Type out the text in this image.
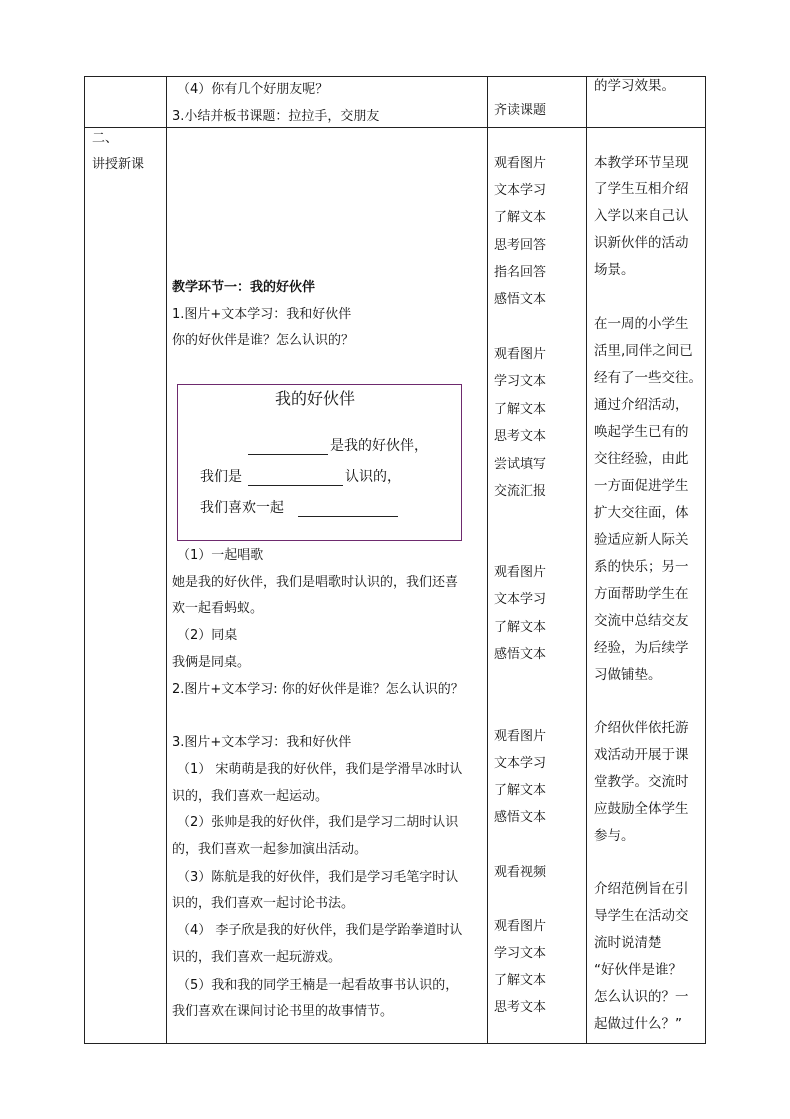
（4）你有几个好朋友呢？
3.小结并板书课题：拉拉手，交朋友	齐读课题
的学习效果。
二、
讲授新课
教学环节一：我的好伙伴
1.图片+文本学习：我和好伙伴
你的好伙伴是谁？怎么认识的？
我的好伙伴
是我的好伙伴，
我们是	认识的，
我们喜欢一起
（1）一起唱歌
她是我的好伙伴，我们是唱歌时认识的，我们还喜
欢一起看蚂蚁。
（2）同桌
我俩是同桌。
2.图片+文本学习: 你的好伙伴是谁？怎么认识的？
3.图片+文本学习：我和好伙伴
（1） 宋萌萌是我的好伙伴，我们是学滑旱冰时认
识的，我们喜欢一起运动。
（2）张帅是我的好伙伴，我们是学习二胡时认识
的，我们喜欢一起参加演出活动。
（3）陈航是我的好伙伴，我们是学习毛笔字时认
识的，我们喜欢一起讨论书法。
（4） 李子欣是我的好伙伴，我们是学跆拳道时认
识的，我们喜欢一起玩游戏。
（5）我和我的同学王楠是一起看故事书认识的，
我们喜欢在课间讨论书里的故事情节。
观看图片
文本学习
了解文本
思考回答
指名回答
感悟文本
观看图片
学习文本
了解文本
思考文本
尝试填写
交流汇报
观看图片
文本学习
了解文本
感悟文本
观看图片
文本学习
了解文本
感悟文本
观看视频
观看图片
学习文本
了解文本
思考文本
本教学环节呈现
了学生互相介绍
入学以来自己认
识新伙伴的活动
场景。
在一周的小学生
活里,同伴之间已
经有了一些交往。
通过介绍活动，
唤起学生已有的
交往经验，由此
一方面促进学生
扩大交往面，体
验适应新人际关
系的快乐；另一
方面帮助学生在
交流中总结交友
经验，为后续学
习做铺垫。
介绍伙伴依托游
戏活动开展于课
堂教学。交流时
应鼓励全体学生
参与。
介绍范例旨在引
导学生在活动交
流时说清楚
“好伙伴是谁？
怎么认识的？一
起做过什么？”
